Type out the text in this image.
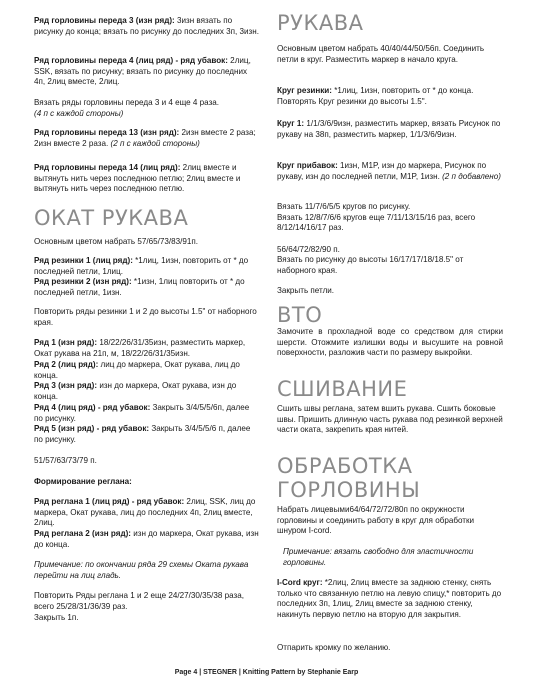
Ряд горловины переда 3 (изн ряд): 3изн вязать по рисунку до конца; вязать по рисунку до последних 3п, 3изн.

Ряд горловины переда 4 (лиц ряд) - ряд убавок: 2лиц, SSK, вязать по рисунку; вязать по рисунку до последних 4п, 2лиц вместе, 2лиц.

Вязать ряды горловины переда 3 и 4 еще 4 раза.
(4 п с каждой стороны)

Ряд горловины переда 13 (изн ряд): 2изн вместе 2 раза; 2изн вместе 2 раза. (2 п с каждой стороны)

Ряд горловины переда 14 (лиц ряд): 2лиц вместе и вытянуть нить через последнюю петлю; 2лиц вместе и вытянуть нить через последнюю петлю.

ОКАТ РУКАВА

Основным цветом набрать 57/65/73/83/91п.

Ряд резинки 1 (лиц ряд): *1лиц, 1изн, повторить от * до последней петли, 1лиц.

Ряд резинки 2 (изн ряд): *1изн, 1лиц повторить от * до последней петли, 1изн.

Повторить ряды резинки 1 и 2 до высоты 1.5" от наборного края.

Ряд 1 (изн ряд): 18/22/26/31/35изн, разместить маркер, Окат рукава на 21п, м, 18/22/26/31/35изн.

Ряд 2 (лиц ряд): лиц до маркера, Окат рукава, лиц до конца.

Ряд 3 (изн ряд): изн до маркера, Окат рукава, изн до конца.

Ряд 4 (лиц ряд) - ряд убавок: Закрыть 3/4/5/5/6п, далее по рисунку.

Ряд 5 (изн ряд) - ряд убавок: Закрыть 3/4/5/5/6 п, далее по рисунку.

51/57/63/73/79 п.

Формирование реглана:

Ряд реглана 1 (лиц ряд) - ряд убавок: 2лиц, SSK, лиц до маркера, Окат рукава, лиц до последних 4п, 2лиц вместе, 2лиц.

Ряд реглана 2 (изн ряд): изн до маркера, Окат рукава, изн до конца.

Примечание: по окончании ряда 29 схемы Оката рукава перейти на лиц гладь.

Повторить Ряды реглана 1 и 2 еще 24/27/30/35/38 раза, всего 25/28/31/36/39 раз.

Закрыть 1п.

РУКАВА

Основным цветом набрать 40/40/44/50/56п. Соединить петли в круг. Разместить маркер в начало круга.

Круг резинки: *1лиц, 1изн, повторить от * до конца. Повторять Круг резинки до высоты 1.5".

Круг 1: 1/1/3/6/9изн, разместить маркер, вязать Рисунок по рукаву на 38п, разместить маркер, 1/1/3/6/9изн.

Круг прибавок: 1изн, M1P, изн до маркера, Рисунок по рукаву, изн до последней петли, M1P, 1изн. (2 п добавлено)

Вязать 11/7/6/5/5 кругов по рисунку.

Вязать 12/8/7/6/6 кругов еще 7/11/13/15/16 раз, всего 8/12/14/16/17 раз.

56/64/72/82/90 п.

Вязать по рисунку до высоты 16/17/17/18/18.5" от наборного края.

Закрыть петли.

ВТО

Замочите в прохладной воде со средством для стирки шерсти. Отожмите излишки воды и высушите на ровной поверхности, разложив части по размеру выкройки.

СШИВАНИЕ

Сшить швы реглана, затем вшить рукава. Сшить боковые швы. Пришить длинную часть рукава под резинкой верхней части оката, закрепить края нитей.

ОБРАБОТКА
ГОРЛОВИНЫ

Набрать лицевыми64/64/72/72/80п по окружности горловины и соединить работу в круг для обработки шнуром I-cord.

Примечание: вязать свободно для эластичности горловины.

I-Cord круг: *2лиц, 2лиц вместе за заднюю стенку, снять только что связанную петлю на левую спицу,* повторить до последних 3п, 1лиц, 2лиц вместе за заднюю стенку, накинуть первую петлю на вторую для закрытия.

Отпарить кромку по желанию.

Page 4 | STEGNER | Knitting Pattern by Stephanie Earp
